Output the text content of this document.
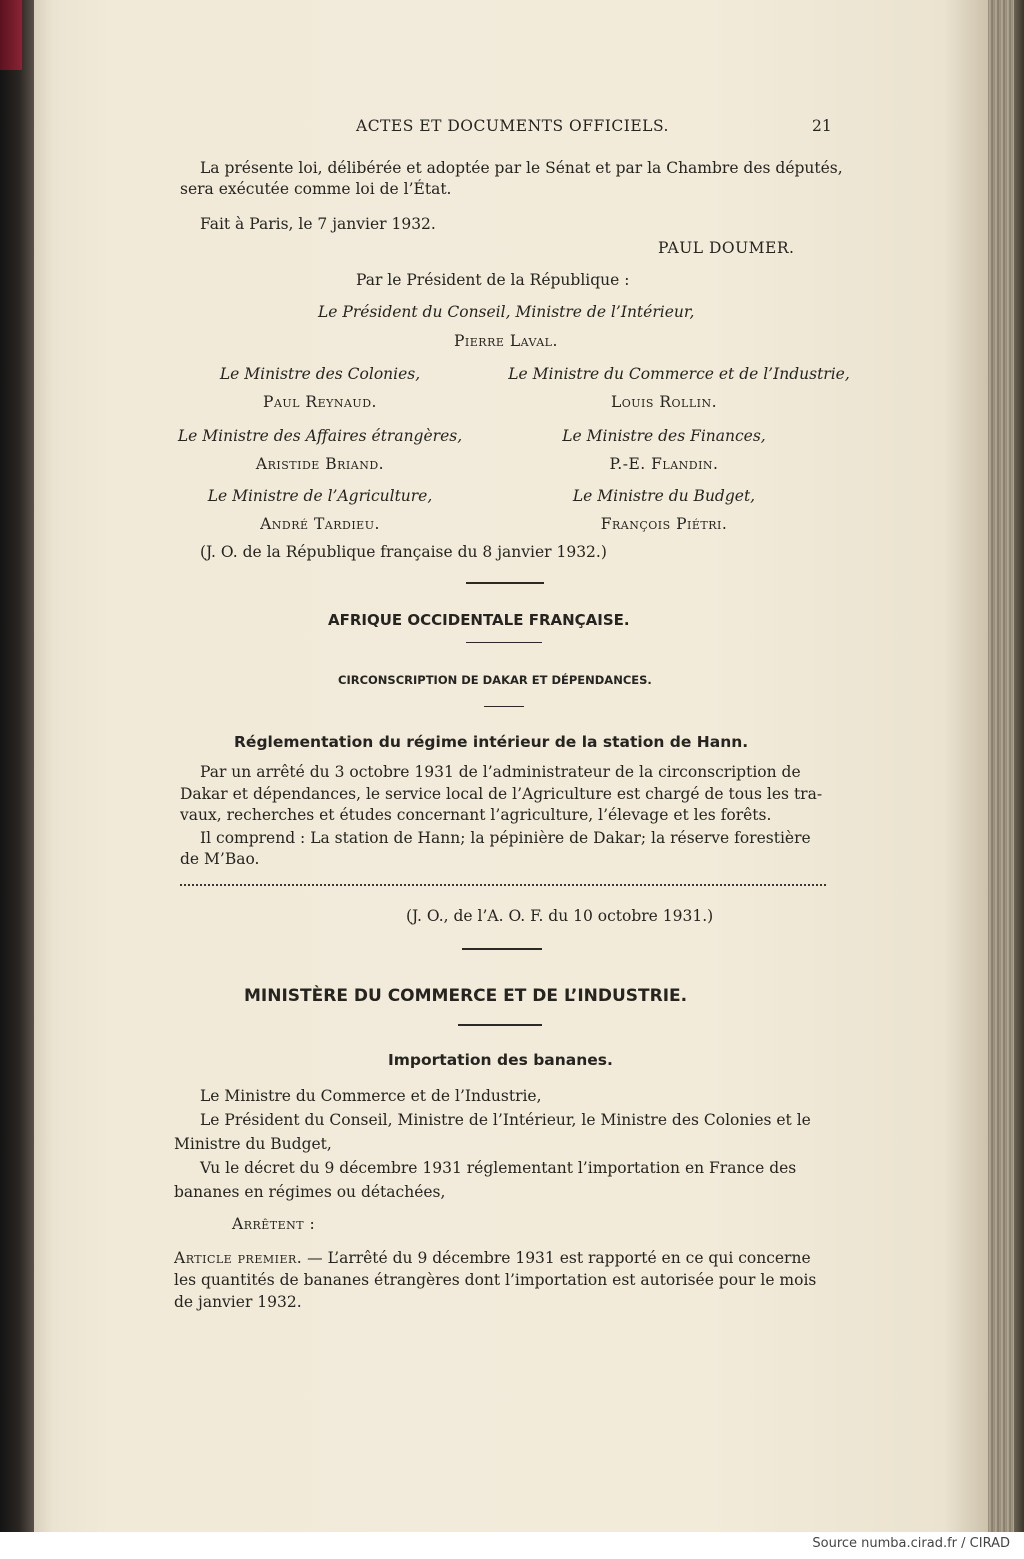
ACTES ET DOCUMENTS OFFICIELS.	21
La présente loi, délibérée et adoptée par le Sénat et par la Chambre des députés,
sera exécutée comme loi de l’État.
Fait à Paris, le 7 janvier 1932.
PAUL DOUMER.
Par le Président de la République :
Le Président du Conseil, Ministre de l’Intérieur,
Pierre Laval.
Le Ministre des Colonies,
Paul Reynaud.
Le Ministre du Commerce et de l’Industrie,
Louis Rollin.
Le Ministre des Affaires étrangères,
Aristide Briand.
Le Ministre des Finances,
P.-E. Flandin.
Le Ministre de l’Agriculture,
André Tardieu.
Le Ministre du Budget,
François Piétri.
(J. O. de la République française du 8 janvier 1932.)
AFRIQUE OCCIDENTALE FRANÇAISE.
CIRCONSCRIPTION DE DAKAR ET DÉPENDANCES.
Réglementation du régime intérieur de la station de Hann.
Par un arrêté du 3 octobre 1931 de l’administrateur de la circonscription de
Dakar et dépendances, le service local de l’Agriculture est chargé de tous les tra-
vaux, recherches et études concernant l’agriculture, l’élevage et les forêts.
Il comprend : La station de Hann; la pépinière de Dakar; la réserve forestière
de M’Bao.
(J. O., de l’A. O. F. du 10 octobre 1931.)
MINISTÈRE DU COMMERCE ET DE L’INDUSTRIE.
Importation des bananes.
Le Ministre du Commerce et de l’Industrie,
Le Président du Conseil, Ministre de l’Intérieur, le Ministre des Colonies et le
Ministre du Budget,
Vu le décret du 9 décembre 1931 réglementant l’importation en France des
bananes en régimes ou détachées,
Arrêtent :
Article premier. — L’arrêté du 9 décembre 1931 est rapporté en ce qui concerne
les quantités de bananes étrangères dont l’importation est autorisée pour le mois
de janvier 1932.
Source numba.cirad.fr / CIRAD
